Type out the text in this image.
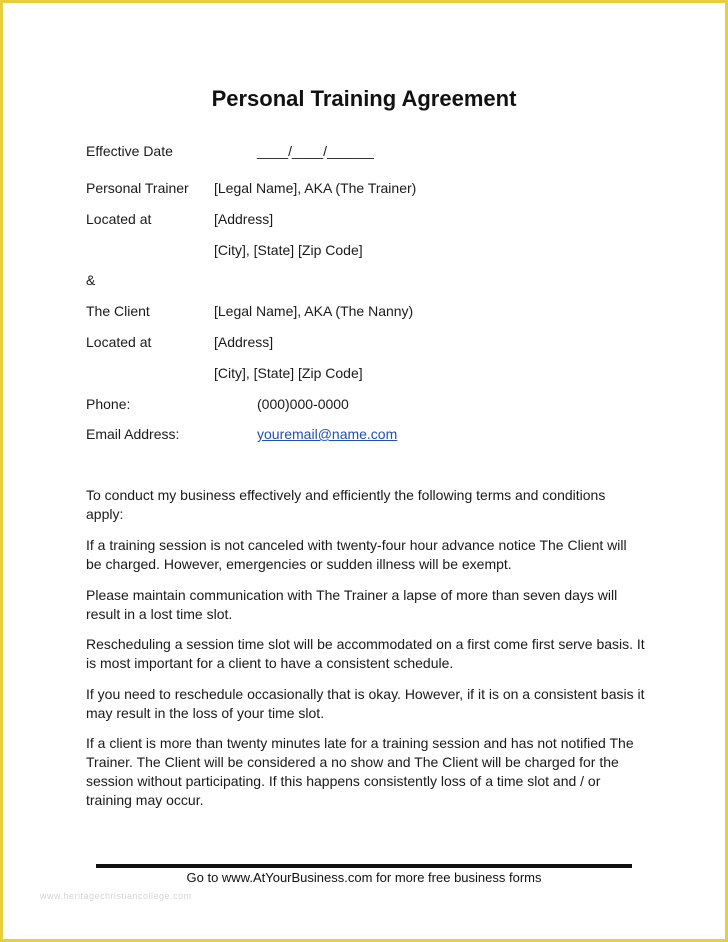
Personal Training Agreement
Effective Date	____/____/______
Personal Trainer [Legal Name], AKA (The Trainer)
Located at	[Address]
[City], [State] [Zip Code]
&
The Client	[Legal Name], AKA (The Nanny)
Located at	[Address]
[City], [State] [Zip Code]
Phone:	(000)000-0000
Email Address:	youremail@name.com
To conduct my business effectively and efficiently the following terms and conditions apply:
If a training session is not canceled with twenty-four hour advance notice The Client will be charged. However, emergencies or sudden illness will be exempt.
Please maintain communication with The Trainer a lapse of more than seven days will result in a lost time slot.
Rescheduling a session time slot will be accommodated on a first come first serve basis. It is most important for a client to have a consistent schedule.
If you need to reschedule occasionally that is okay. However, if it is on a consistent basis it may result in the loss of your time slot.
If a client is more than twenty minutes late for a training session and has not notified The Trainer. The Client will be considered a no show and The Client will be charged for the session without participating. If this happens consistently loss of a time slot and / or training may occur.
Go to www.AtYourBusiness.com for more free business forms
www.heritagechristiancollege.com
